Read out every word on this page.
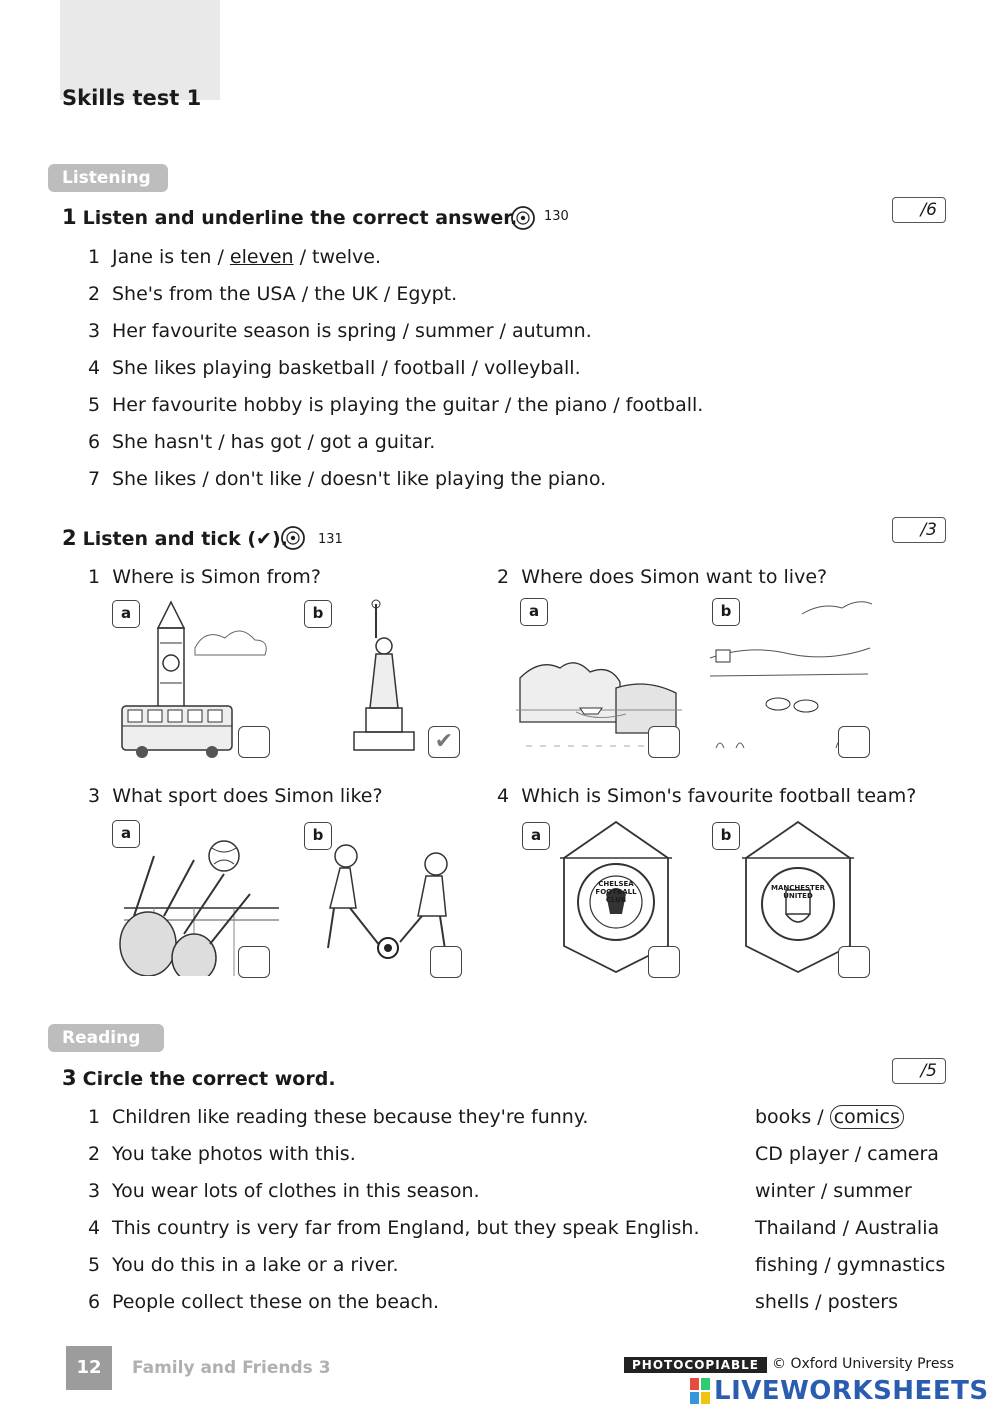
Skills test 1
Listening
1 Listen and underline the correct answer. 130	/6
1 Jane is ten / eleven / twelve.
2 She's from the USA / the UK / Egypt.
3 Her favourite season is spring / summer / autumn.
4 She likes playing basketball / football / volleyball.
5 Her favourite hobby is playing the guitar / the piano / football.
6 She hasn't / has got / got a guitar.
7 She likes / don't like / doesn't like playing the piano.
2 Listen and tick (✔). 131	/3
1 Where is Simon from?	2 Where does Simon want to live?
3 What sport does Simon like?	4 Which is Simon's favourite football team?
a	b
✔
a	b
a	b
CHELSEA FOOTBALL CLUB
a
MANCHESTER UNITED
b
Reading
3 Circle the correct word.	/5
1 Children like reading these because they're funny.	books / comics
2 You take photos with this.	CD player / camera
3 You wear lots of clothes in this season.	winter / summer
4 This country is very far from England, but they speak English.	Thailand / Australia
5 You do this in a lake or a river.	fishing / gymnastics
6 People collect these on the beach.	shells / posters
12	Family and Friends 3	PHOTOCOPIABLE © Oxford University Press
LIVEWORKSHEETS
